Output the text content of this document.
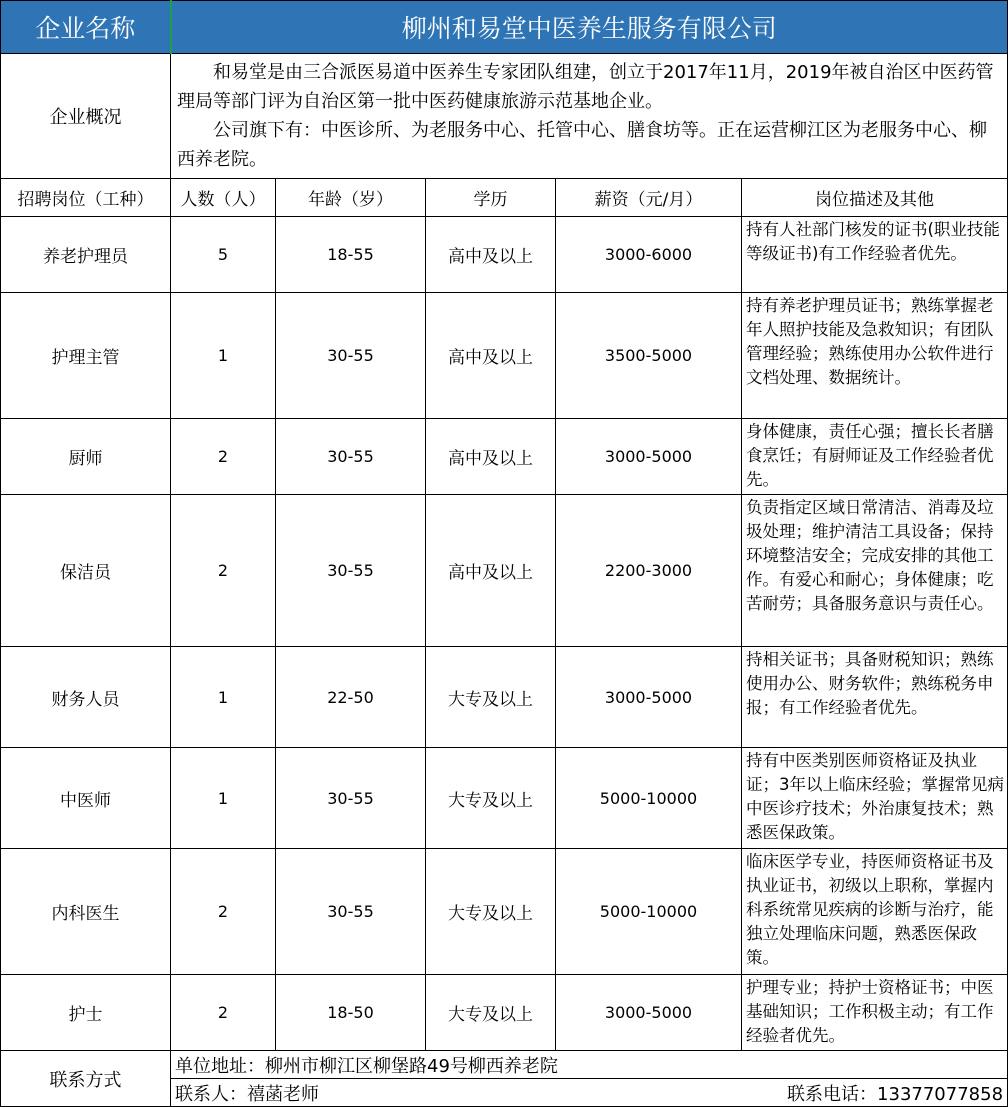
企业名称	柳州和易堂中医养生服务有限公司				
企业概况	和易堂是由三合派医易道中医养生专家团队组建，创立于2017年11月，2019年被自治区中医药管理局等部门评为自治区第一批中医药健康旅游示范基地企业。

公司旗下有：中医诊所、为老服务中心、托管中心、膳食坊等。正在运营柳江区为老服务中心、柳西养老院。				

招聘岗位（工种）	人数（人）	年龄（岁）	学历	薪资（元/月）	岗位描述及其他
养老护理员	5	18-55	高中及以上	3000-6000	持有人社部门核发的证书(职业技能等级证书)有工作经验者优先。
护理主管	1	30-55	高中及以上	3500-5000	持有养老护理员证书；熟练掌握老年人照护技能及急救知识；有团队管理经验；熟练使用办公软件进行文档处理、数据统计。
厨师	2	30-55	高中及以上	3000-5000	身体健康，责任心强；擅长长者膳食烹饪；有厨师证及工作经验者优先。
保洁员	2	30-55	高中及以上	2200-3000	负责指定区域日常清洁、消毒及垃圾处理；维护清洁工具设备；保持环境整洁安全；完成安排的其他工作。有爱心和耐心；身体健康；吃苦耐劳；具备服务意识与责任心。
财务人员	1	22-50	大专及以上	3000-5000	持相关证书；具备财税知识；熟练使用办公、财务软件；熟练税务申报；有工作经验者优先。
中医师	1	30-55	大专及以上	5000-10000	持有中医类别医师资格证及执业证；3年以上临床经验；掌握常见病中医诊疗技术；外治康复技术；熟悉医保政策。
内科医生	2	30-55	大专及以上	5000-10000	临床医学专业，持医师资格证书及执业证书，初级以上职称，掌握内科系统常见疾病的诊断与治疗，能独立处理临床问题，熟悉医保政策。
护士	2	18-50	大专及以上	3000-5000	护理专业；持护士资格证书；中医基础知识；工作积极主动；有工作经验者优先。
联系方式	单位地址：柳州市柳江区柳堡路49号柳西养老院				

	联系人：禧菡老师 联系电话：13377077858				
